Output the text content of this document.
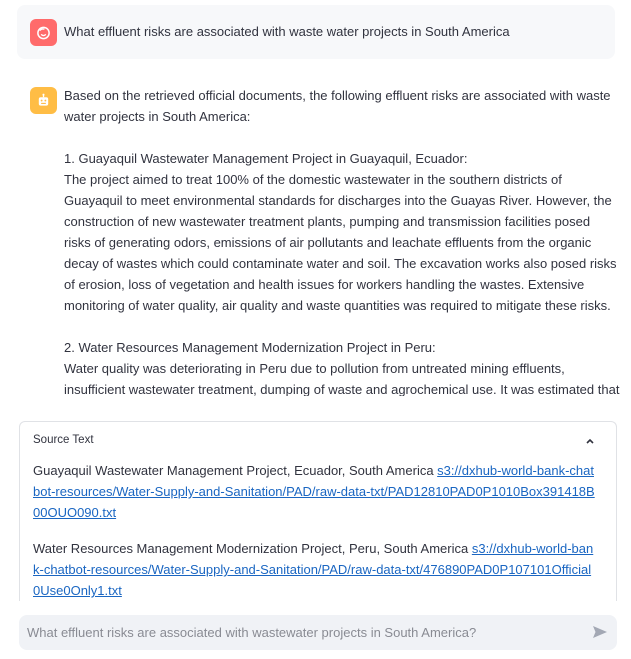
What effluent risks are associated with waste water projects in South America

Based on the retrieved official documents, the following effluent risks are associated with waste water projects in South America:

1. Guayaquil Wastewater Management Project in Guayaquil, Ecuador:

The project aimed to treat 100% of the domestic wastewater in the southern districts of Guayaquil to meet environmental standards for discharges into the Guayas River. However, the construction of new wastewater treatment plants, pumping and transmission facilities posed risks of generating odors, emissions of air pollutants and leachate effluents from the organic decay of wastes which could contaminate water and soil. The excavation works also posed risks of erosion, loss of vegetation and health issues for workers handling the wastes. Extensive monitoring of water quality, air quality and waste quantities was required to mitigate these risks.

2. Water Resources Management Modernization Project in Peru:

Water quality was deteriorating in Peru due to pollution from untreated mining effluents, insufficient wastewater treatment, dumping of waste and agrochemical use. It was estimated that

Source Text
Guayaquil Wastewater Management Project, Ecuador, South America s3://dxhub-world-bank-chatbot-resources/Water-Supply-and-Sanitation/PAD/raw-data-txt/PAD12810PAD0P1010Box391418B00OUO090.txt
Water Resources Management Modernization Project, Peru, South America s3://dxhub-world-bank-chatbot-resources/Water-Supply-and-Sanitation/PAD/raw-data-txt/476890PAD0P107101Official0Use0Only1.txt
What effluent risks are associated with wastewater projects in South America?
